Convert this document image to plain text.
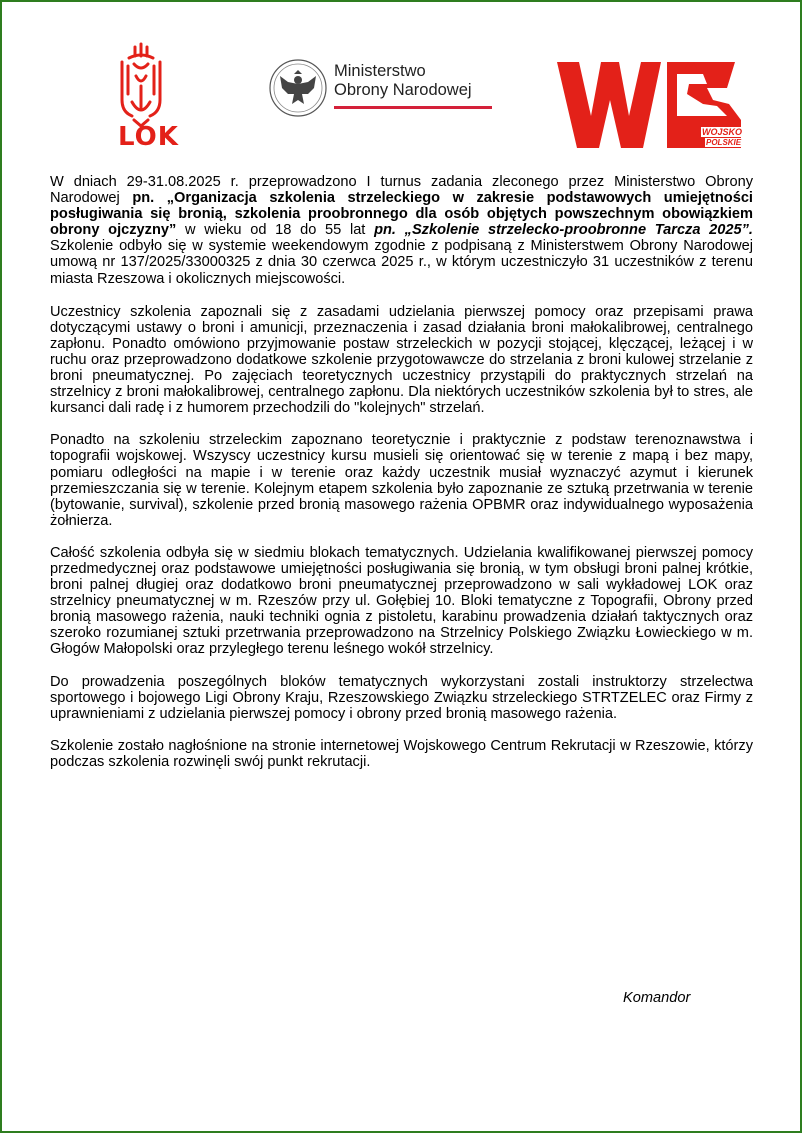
LOK
Ministerstwo
Obrony Narodowej
WOJSKO
POLSKIE

W dniach 29-31.08.2025 r. przeprowadzono I turnus zadania zleconego przez Ministerstwo Obrony Narodowej pn. „Organizacja szkolenia strzeleckiego w zakresie podstawowych umiejętności posługiwania się bronią, szkolenia proobronnego dla osób objętych powszechnym obowiązkiem obrony ojczyzny” w wieku od 18 do 55 lat pn. „Szkolenie strzelecko-proobronne Tarcza 2025”. Szkolenie odbyło się w systemie weekendowym zgodnie z podpisaną z Ministerstwem Obrony Narodowej umową nr 137/2025/33000325 z dnia 30 czerwca 2025 r., w którym uczestniczyło 31 uczestników z terenu miasta Rzeszowa i okolicznych miejscowości.

Uczestnicy szkolenia zapoznali się z zasadami udzielania pierwszej pomocy oraz przepisami prawa dotyczącymi ustawy o broni i amunicji, przeznaczenia i zasad działania broni małokalibrowej, centralnego zapłonu. Ponadto omówiono przyjmowanie postaw strzeleckich w pozycji stojącej, klęczącej, leżącej i w ruchu oraz przeprowadzono dodatkowe szkolenie przygotowawcze do strzelania z broni kulowej strzelanie z broni pneumatycznej. Po zajęciach teoretycznych uczestnicy przystąpili do praktycznych strzelań na strzelnicy z broni małokalibrowej, centralnego zapłonu. Dla niektórych uczestników szkolenia był to stres, ale kursanci dali radę i z humorem przechodzili do "kolejnych" strzelań.

Ponadto na szkoleniu strzeleckim zapoznano teoretycznie i praktycznie z podstaw terenoznawstwa i topografii wojskowej. Wszyscy uczestnicy kursu musieli się orientować się w terenie z mapą i bez mapy, pomiaru odległości na mapie i w terenie oraz każdy uczestnik musiał wyznaczyć azymut i kierunek przemieszczania się w terenie. Kolejnym etapem szkolenia było zapoznanie ze sztuką przetrwania w terenie (bytowanie, survival), szkolenie przed bronią masowego rażenia OPBMR oraz indywidualnego wyposażenia żołnierza.

Całość szkolenia odbyła się w siedmiu blokach tematycznych. Udzielania kwalifikowanej pierwszej pomocy przedmedycznej oraz podstawowe umiejętności posługiwania się bronią, w tym obsługi broni palnej krótkie, broni palnej długiej oraz dodatkowo broni pneumatycznej przeprowadzono w sali wykładowej LOK oraz strzelnicy pneumatycznej w m. Rzeszów przy ul. Gołębiej 10. Bloki tematyczne z Topografii, Obrony przed bronią masowego rażenia, nauki techniki ognia z pistoletu, karabinu prowadzenia działań taktycznych oraz szeroko rozumianej sztuki przetrwania przeprowadzono na Strzelnicy Polskiego Związku Łowieckiego w m. Głogów Małopolski oraz przyległego terenu leśnego wokół strzelnicy.

Do prowadzenia poszególnych bloków tematycznych wykorzystani zostali instruktorzy strzelectwa sportowego i bojowego Ligi Obrony Kraju, Rzeszowskiego Związku strzeleckiego STRTZELEC oraz Firmy z uprawnieniami z udzielania pierwszej pomocy i obrony przed bronią masowego rażenia.

Szkolenie zostało nagłośnione na stronie internetowej Wojskowego Centrum Rekrutacji w Rzeszowie, którzy podczas szkolenia rozwinęli swój punkt rekrutacji.

Komandor
